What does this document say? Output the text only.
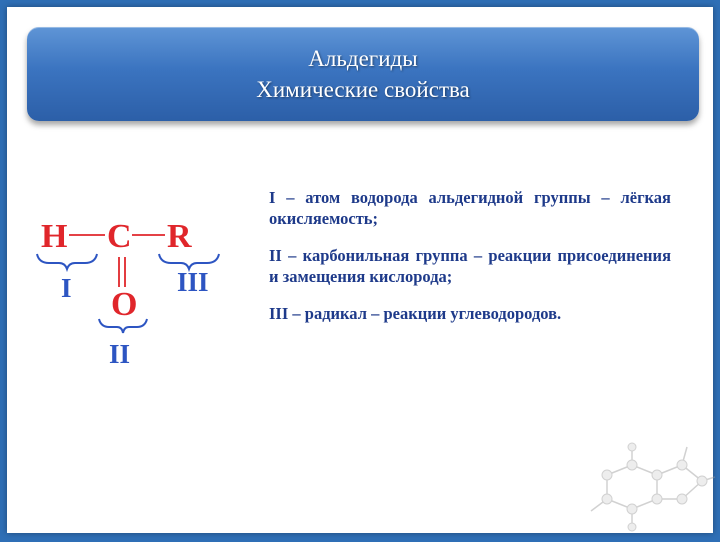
Альдегиды
Химические свойства
H C R
O
I
II
III

I – атом водорода альдегидной группы – лёгкая окисляемость;

II – карбонильная группа – реакции присоединения и замещения кислорода;

III – радикал – реакции углеводородов.
